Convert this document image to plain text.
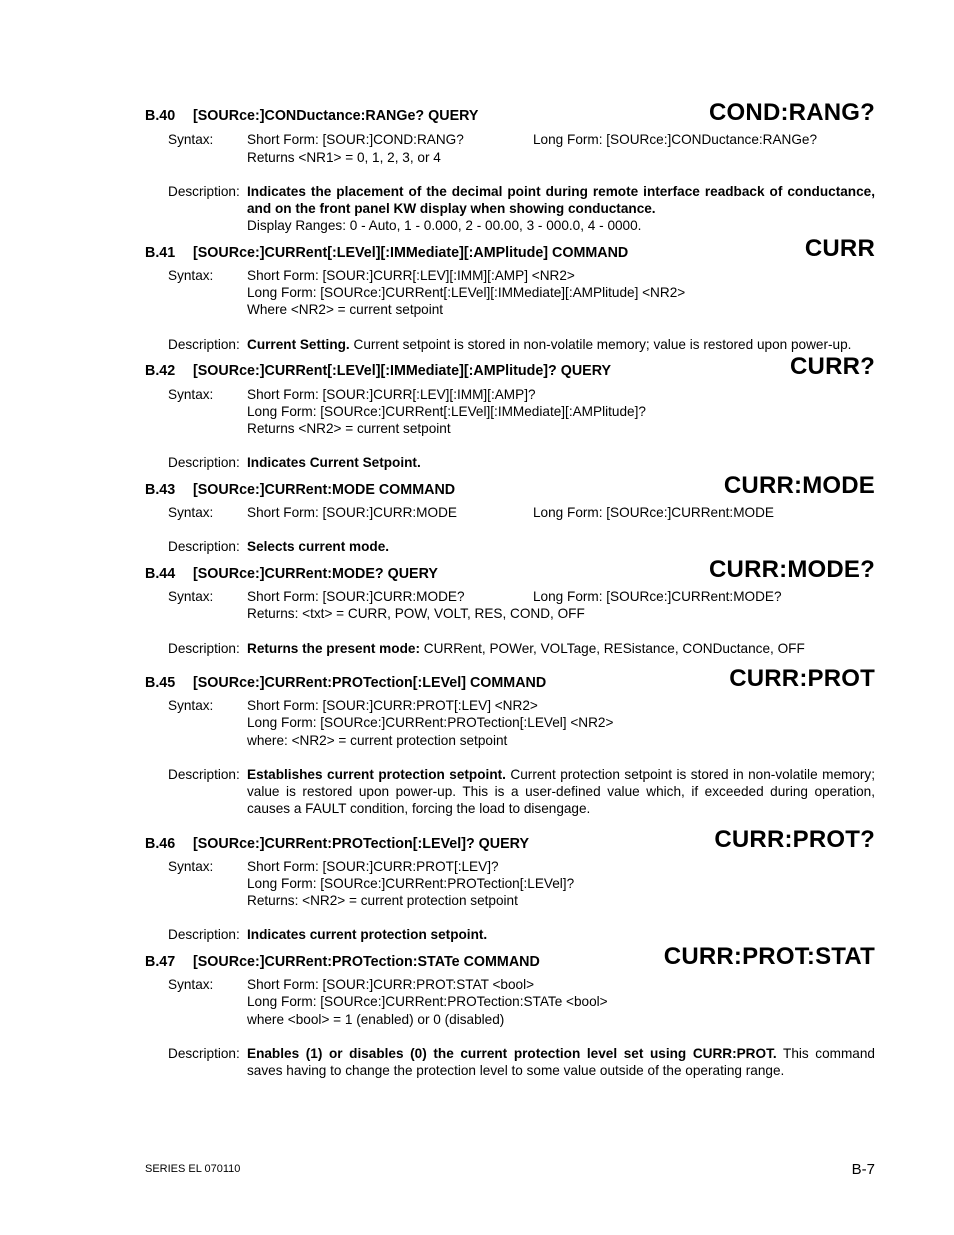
B.40 [SOURce:]CONDuctance:RANGe? QUERY	COND:RANG?
Syntax: Short Form: [SOUR:]COND:RANG?	Long Form: [SOURce:]CONDuctance:RANGe?
Returns <NR1> = 0, 1, 2, 3, or 4
Description: Indicates the placement of the decimal point during remote interface readback of conductance, and on the front panel KW display when showing conductance.
Display Ranges: 0 - Auto, 1 - 0.000, 2 - 00.00, 3 - 000.0, 4 - 0000.
B.41 [SOURce:]CURRent[:LEVel][:IMMediate][:AMPlitude] COMMAND	CURR
Syntax: Short Form: [SOUR:]CURR[:LEV][:IMM][:AMP] <NR2>
Long Form: [SOURce:]CURRent[:LEVel][:IMMediate][:AMPlitude] <NR2>
Where <NR2> = current setpoint
Description: Current Setting. Current setpoint is stored in non-volatile memory; value is restored upon power-up.
B.42 [SOURce:]CURRent[:LEVel][:IMMediate][:AMPlitude]? QUERY	CURR?
Syntax: Short Form: [SOUR:]CURR[:LEV][:IMM][:AMP]?
Long Form: [SOURce:]CURRent[:LEVel][:IMMediate][:AMPlitude]?
Returns <NR2> = current setpoint
Description: Indicates Current Setpoint.
B.43 [SOURce:]CURRent:MODE COMMAND	CURR:MODE
Syntax: Short Form: [SOUR:]CURR:MODE	Long Form: [SOURce:]CURRent:MODE
Description: Selects current mode.
B.44 [SOURce:]CURRent:MODE? QUERY	CURR:MODE?
Syntax: Short Form: [SOUR:]CURR:MODE?	Long Form: [SOURce:]CURRent:MODE?
Returns: <txt> = CURR, POW, VOLT, RES, COND, OFF
Description: Returns the present mode: CURRent, POWer, VOLTage, RESistance, CONDuctance, OFF
B.45 [SOURce:]CURRent:PROTection[:LEVel] COMMAND	CURR:PROT
Syntax: Short Form: [SOUR:]CURR:PROT[:LEV] <NR2>
Long Form: [SOURce:]CURRent:PROTection[:LEVel] <NR2>
where: <NR2> = current protection setpoint
Description: Establishes current protection setpoint. Current protection setpoint is stored in non-volatile memory; value is restored upon power-up. This is a user-defined value which, if exceeded during operation, causes a FAULT condition, forcing the load to disengage.
B.46 [SOURce:]CURRent:PROTection[:LEVel]? QUERY	CURR:PROT?
Syntax: Short Form: [SOUR:]CURR:PROT[:LEV]?
Long Form: [SOURce:]CURRent:PROTection[:LEVel]?
Returns: <NR2> = current protection setpoint
Description: Indicates current protection setpoint.
B.47 [SOURce:]CURRent:PROTection:STATe COMMAND	CURR:PROT:STAT
Syntax: Short Form: [SOUR:]CURR:PROT:STAT <bool>
Long Form: [SOURce:]CURRent:PROTection:STATe <bool>
where <bool> = 1 (enabled) or 0 (disabled)
Description: Enables (1) or disables (0) the current protection level set using CURR:PROT. This command saves having to change the protection level to some value outside of the operating range.
SERIES EL 070110	B-7
